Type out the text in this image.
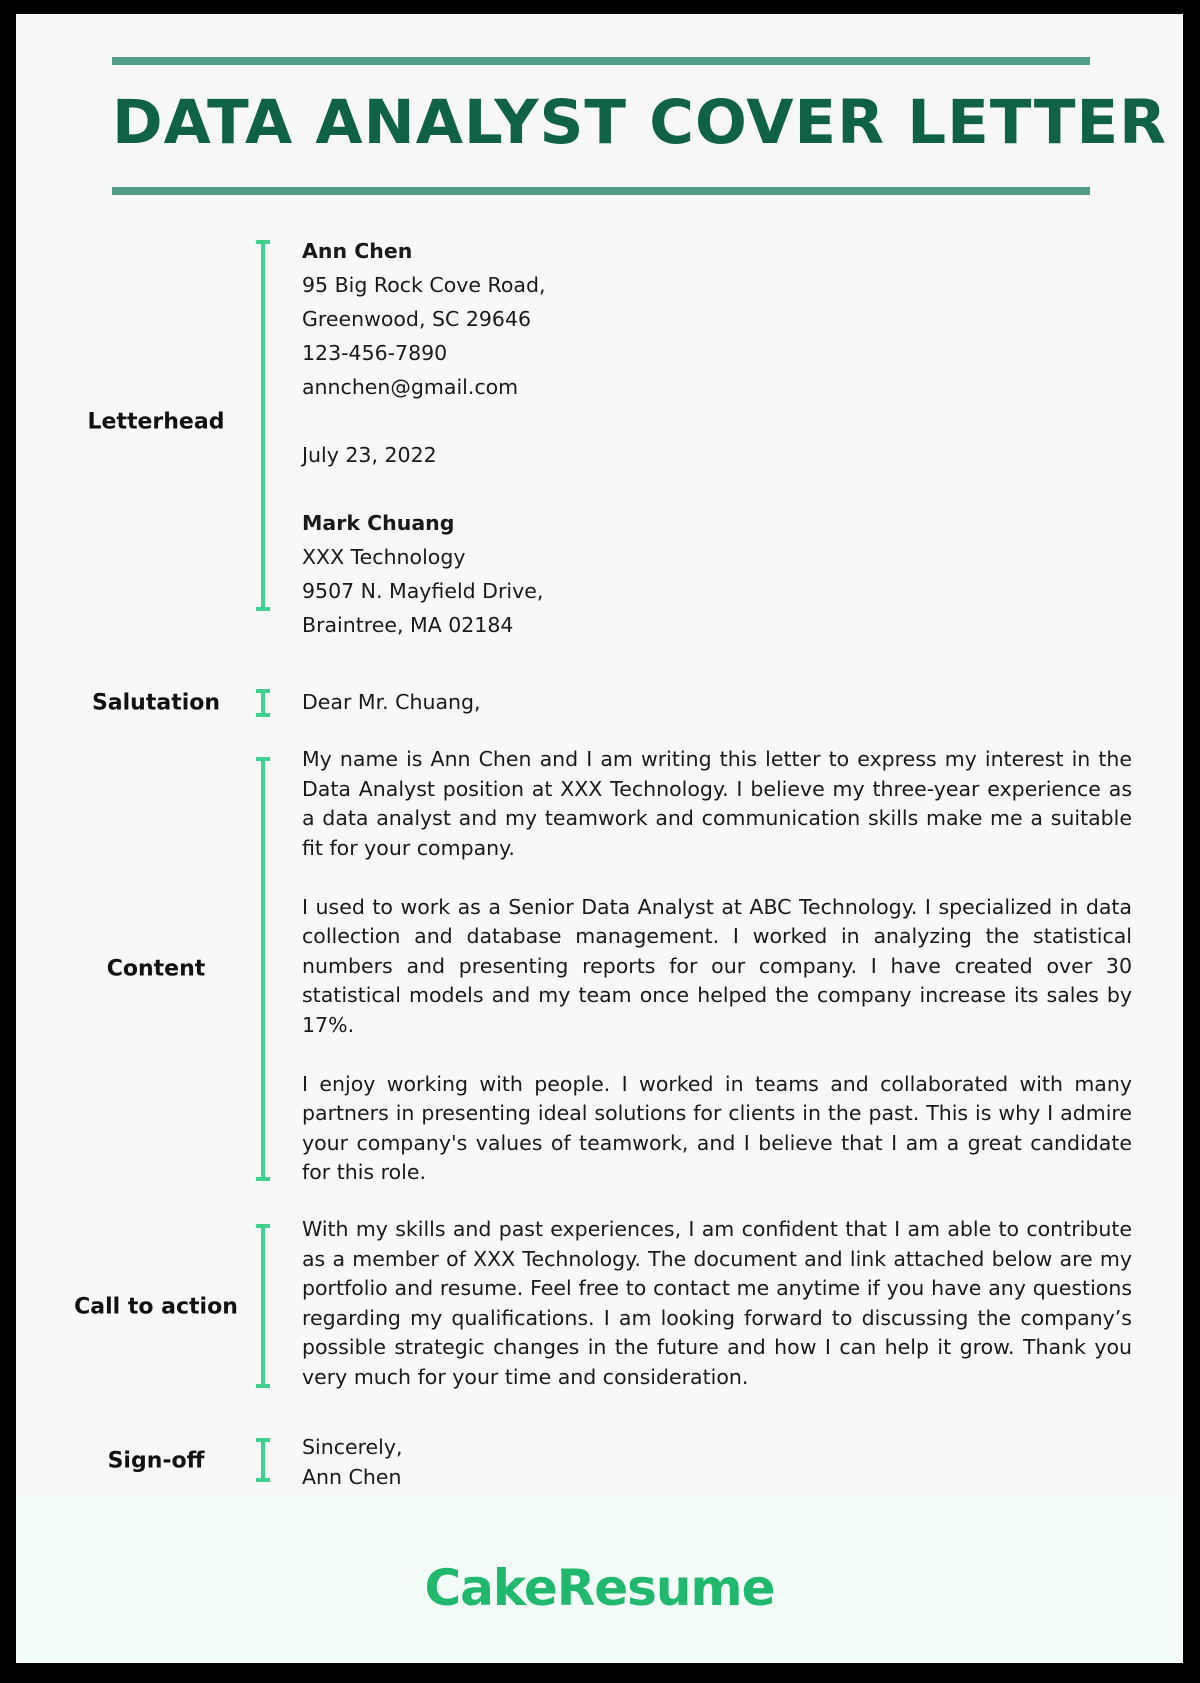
DATA ANALYST COVER LETTER
Letterhead
Ann Chen
95 Big Rock Cove Road,
Greenwood, SC 29646
123-456-7890
annchen@gmail.com
July 23, 2022
Mark Chuang
XXX Technology
9507 N. Mayfield Drive,
Braintree, MA 02184
Salutation	Dear Mr. Chuang,
Content

My name is Ann Chen and I am writing this letter to express my interest in the Data Analyst position at XXX Technology. I believe my three-year experience as a data analyst and my teamwork and communication skills make me a suitable fit for your company.

I used to work as a Senior Data Analyst at ABC Technology. I specialized in data collection and database management. I worked in analyzing the statistical numbers and presenting reports for our company. I have created over 30 statistical models and my team once helped the company increase its sales by 17%.

I enjoy working with people. I worked in teams and collaborated with many partners in presenting ideal solutions for clients in the past. This is why I admire your company's values of teamwork, and I believe that I am a great candidate for this role.

Call to action

With my skills and past experiences, I am confident that I am able to contribute as a member of XXX Technology. The document and link attached below are my portfolio and resume. Feel free to contact me anytime if you have any questions regarding my qualifications. I am looking forward to discussing the company’s possible strategic changes in the future and how I can help it grow. Thank you very much for your time and consideration.

Sign-off
Sincerely,
Ann Chen
CakeResume
